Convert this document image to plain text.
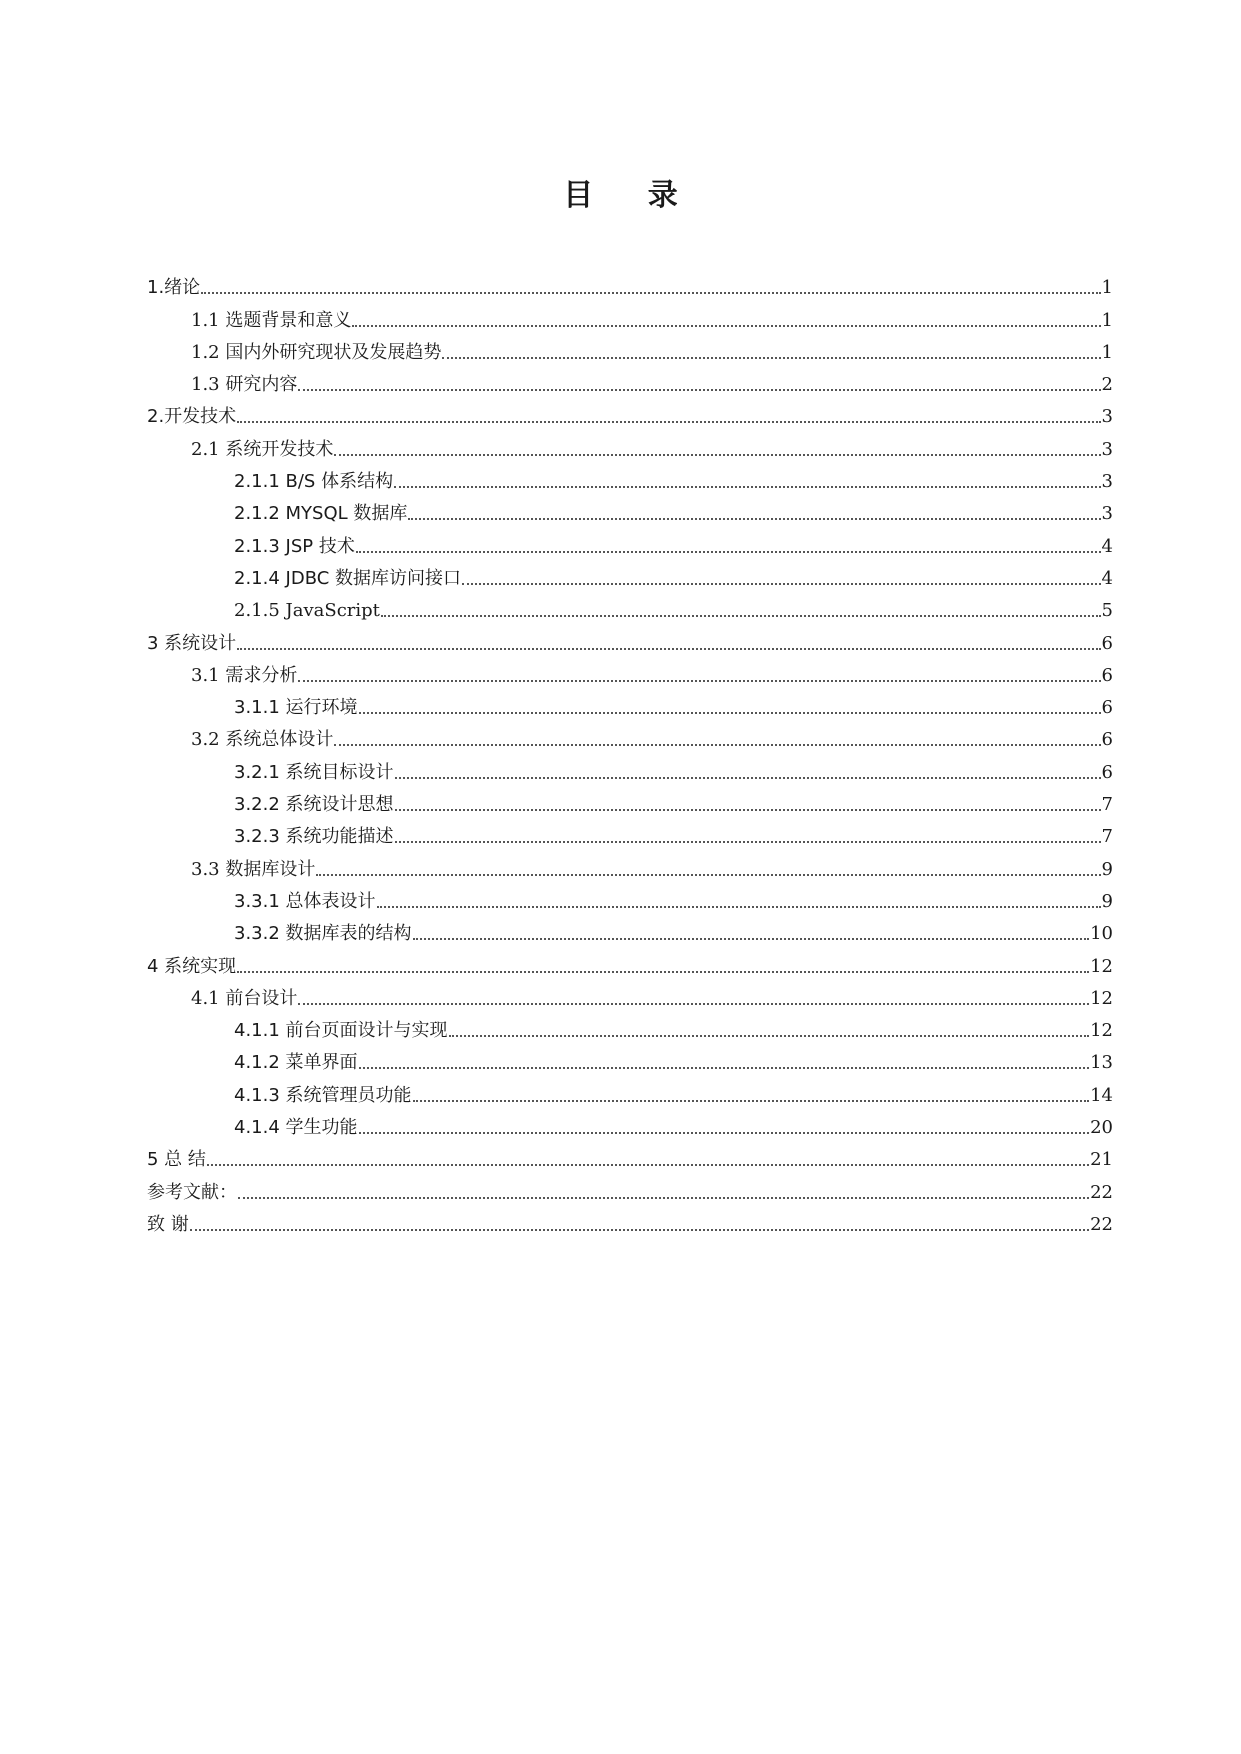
目 录
1.绪论	1
1.1 选题背景和意义	1
1.2 国内外研究现状及发展趋势	1
1.3 研究内容	2
2.开发技术	3
2.1 系统开发技术	3
2.1.1 B/S 体系结构	3
2.1.2 MYSQL 数据库	3
2.1.3 JSP 技术	4
2.1.4 JDBC 数据库访问接口	4
2.1.5 JavaScript	5
3 系统设计	6
3.1 需求分析	6
3.1.1 运行环境	6
3.2 系统总体设计	6
3.2.1 系统目标设计	6
3.2.2 系统设计思想	7
3.2.3 系统功能描述	7
3.3 数据库设计	9
3.3.1 总体表设计	9
3.3.2 数据库表的结构	10
4 系统实现	12
4.1 前台设计	12
4.1.1 前台页面设计与实现	12
4.1.2 菜单界面	13
4.1.3 系统管理员功能	14
4.1.4 学生功能	20
5 总 结	21
参考文献：	22
致 谢	22
